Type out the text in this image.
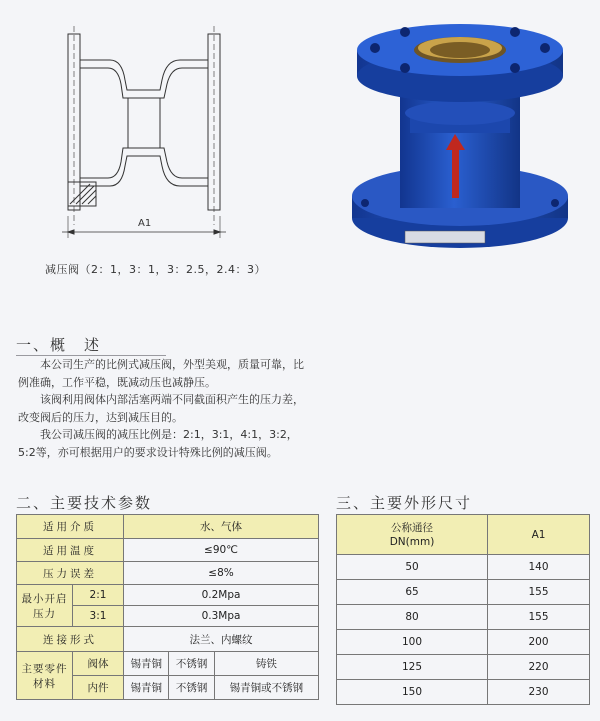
A1
减压阀（2：1，3：1，3：2.5，2.4：3）
一、概　述
　　本公司生产的比例式减压阀，外型美观，质量可靠，比例准确，工作平稳，既减动压也减静压。
　　该阀利用阀体内部活塞两端不同截面积产生的压力差，改变阀后的压力，达到减压目的。
　　我公司减压阀的减压比例是：2:1，3:1，4:1，3:2，5:2等，亦可根据用户的要求设计特殊比例的减压阀。
二、主要技术参数
适用介质		水、气体		
适用温度		≤90℃		
压力误差		≤8%		
最小开启压力	2:1	0.2Mpa		
	3:1	0.3Mpa		
连接形式		法兰、内螺纹		
主要零件材料	阀体	锡青铜	不锈钢	铸铁
	内件	锡青铜	不锈钢	锡青铜或不锈钢
三、主要外形尺寸
公称通径
DN(mm)	A1
50	140
65	155
80	155
100	200
125	220
150	230
